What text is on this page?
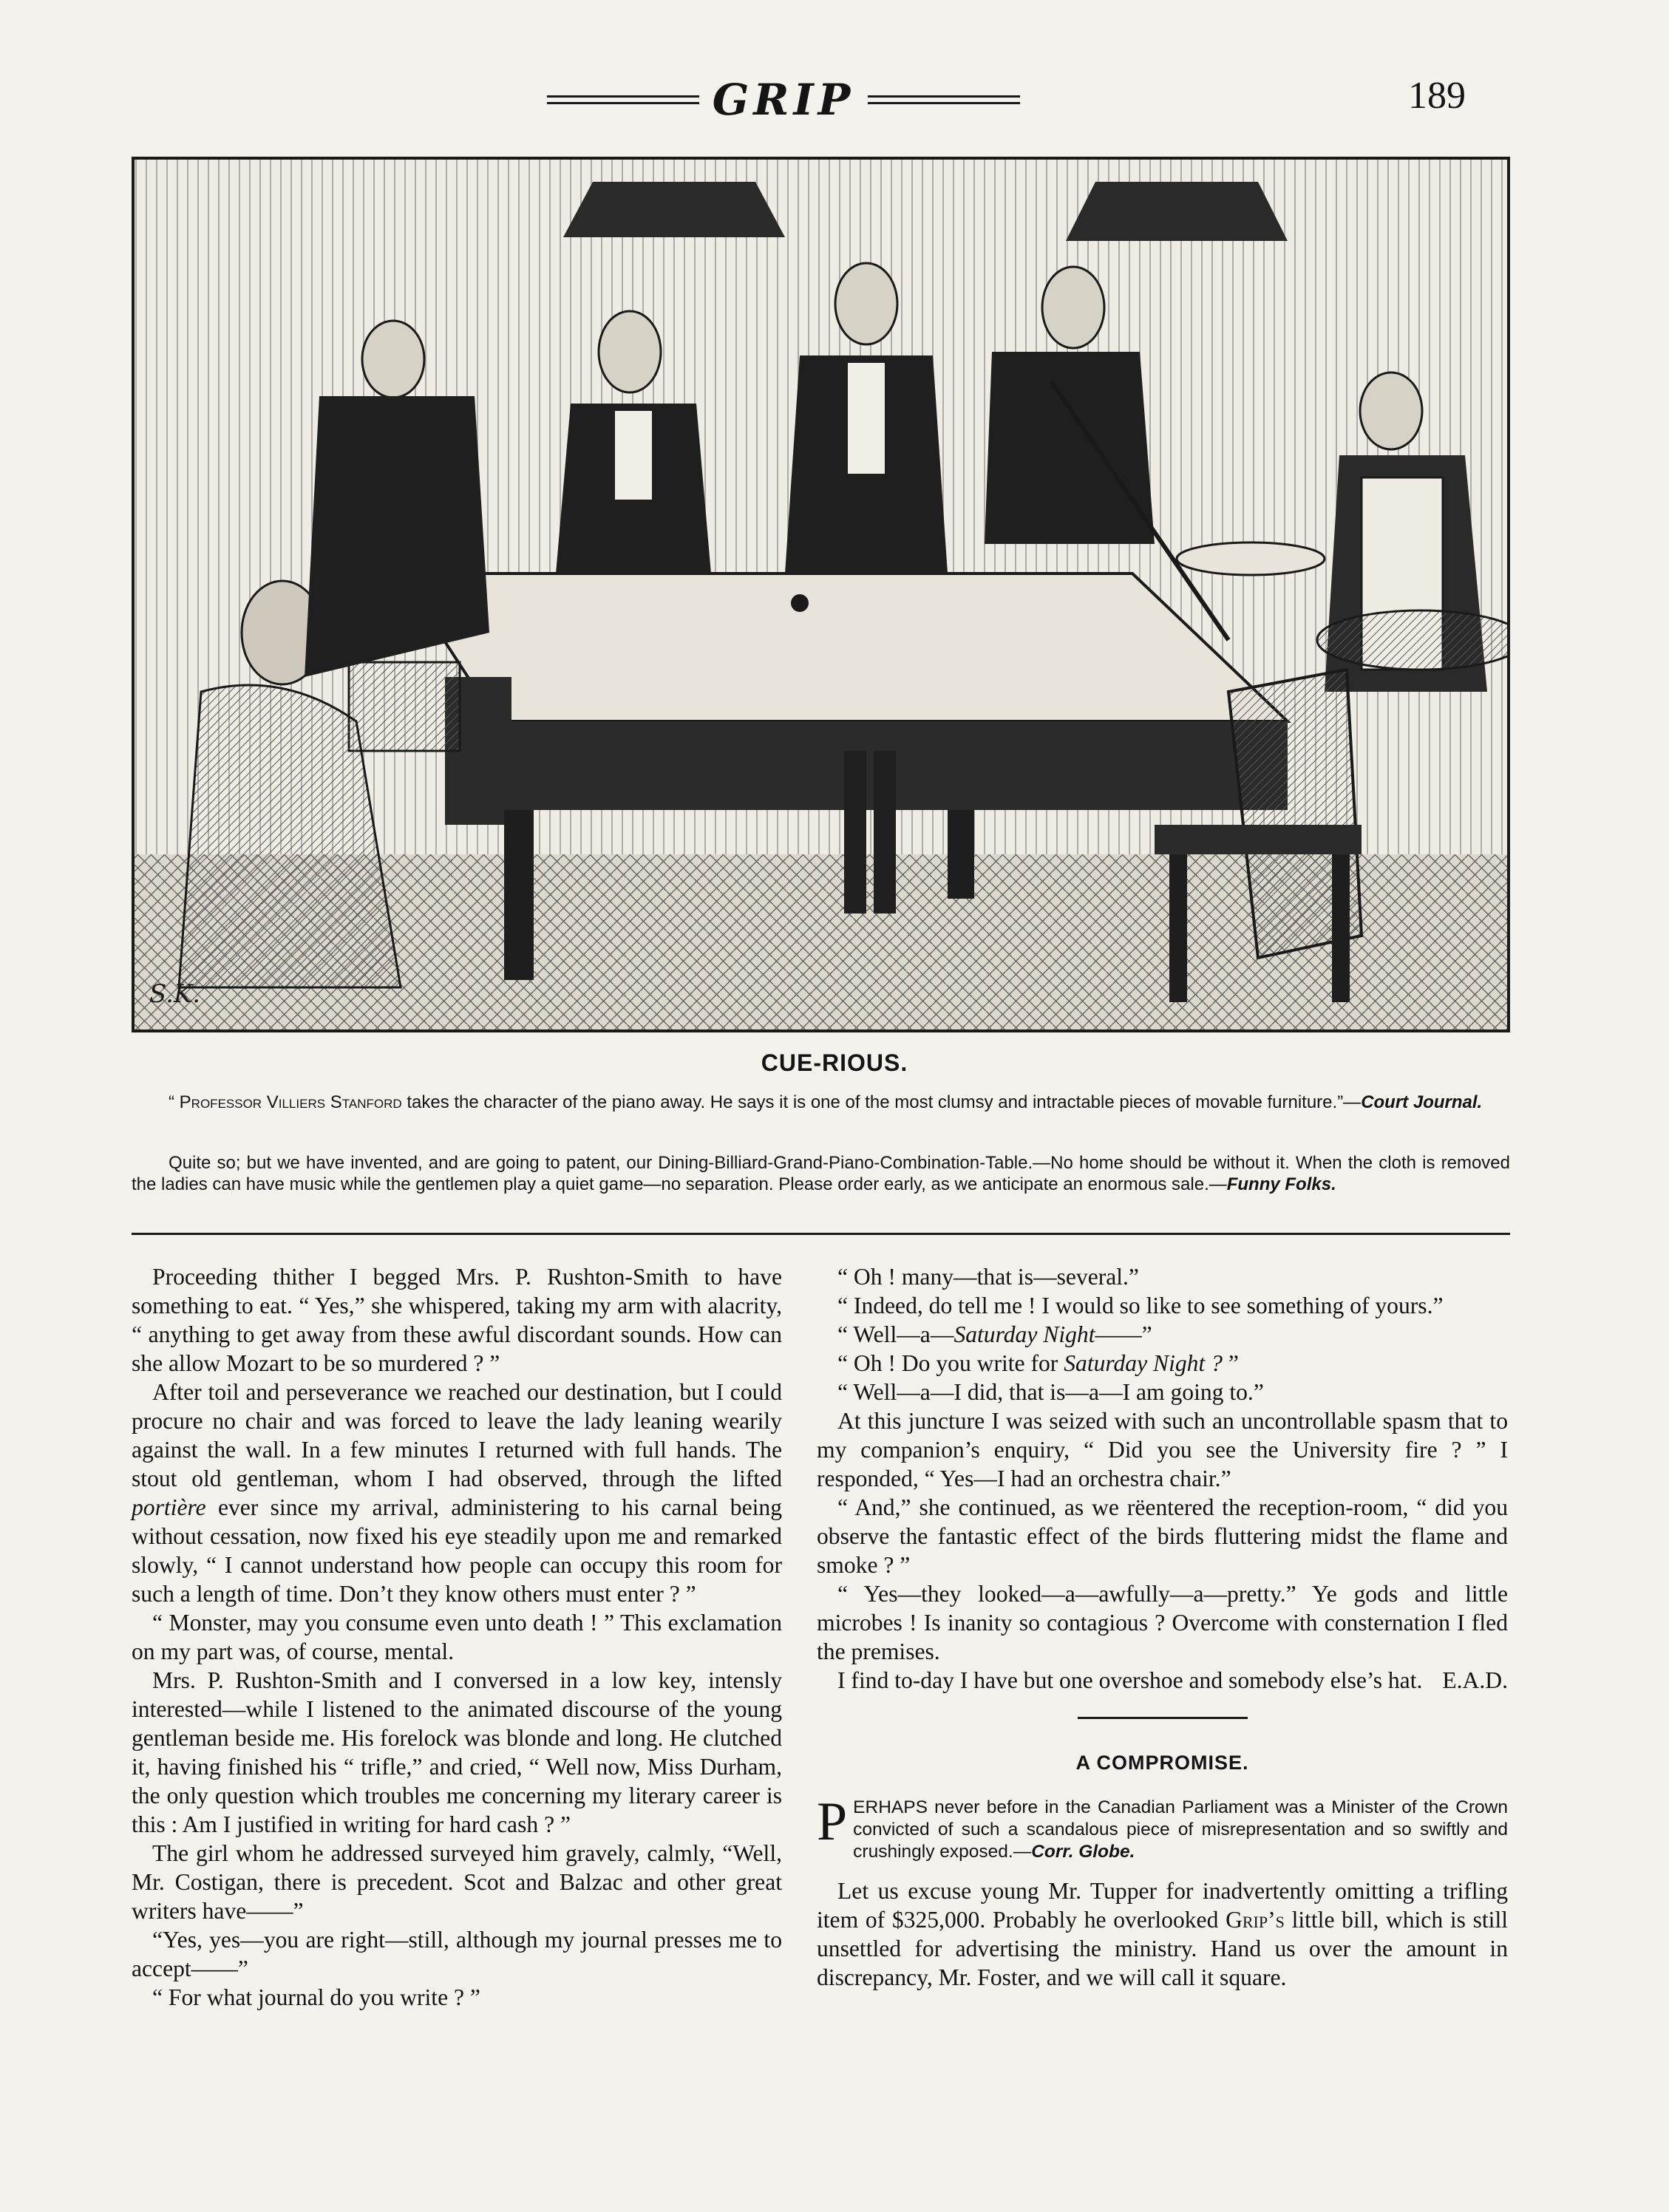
GRIP	189
S.K.
CUE-RIOUS.
“ Professor Villiers Stanford takes the character of the piano away. He says it is one of the most clumsy and intractable pieces of movable furniture.”—Court Journal.
Quite so; but we have invented, and are going to patent, our Dining-Billiard-Grand-Piano-Combination-Table.—No home should be without it. When the cloth is removed the ladies can have music while the gentlemen play a quiet game—no separation. Please order early, as we anticipate an enormous sale.—Funny Folks.

Proceeding thither I begged Mrs. P. Rushton-Smith to have something to eat. “ Yes,” she whispered, taking my arm with alacrity, “ anything to get away from these awful discordant sounds. How can she allow Mozart to be so murdered ? ”

After toil and perseverance we reached our destination, but I could procure no chair and was forced to leave the lady leaning wearily against the wall. In a few minutes I returned with full hands. The stout old gentleman, whom I had observed, through the lifted portière ever since my arrival, administering to his carnal being without cessation, now fixed his eye steadily upon me and remarked slowly, “ I cannot understand how people can occupy this room for such a length of time. Don’t they know others must enter ? ”

“ Monster, may you consume even unto death ! ” This exclamation on my part was, of course, mental.

Mrs. P. Rushton-Smith and I conversed in a low key, intensly interested—while I listened to the animated discourse of the young gentleman beside me. His forelock was blonde and long. He clutched it, having finished his “ trifle,” and cried, “ Well now, Miss Durham, the only question which troubles me concerning my literary career is this : Am I justified in writing for hard cash ? ”

The girl whom he addressed surveyed him gravely, calmly, “Well, Mr. Costigan, there is precedent. Scot and Balzac and other great writers have——”

“Yes, yes—you are right—still, although my journal presses me to accept——”

“ For what journal do you write ? ”

“ Oh ! many—that is—several.”

“ Indeed, do tell me ! I would so like to see something of yours.”

“ Well—a—Saturday Night——”

“ Oh ! Do you write for Saturday Night ? ”

“ Well—a—I did, that is—a—I am going to.”

At this juncture I was seized with such an uncontrollable spasm that to my companion’s enquiry, “ Did you see the University fire ? ” I responded, “ Yes—I had an orchestra chair.”

“ And,” she continued, as we rëentered the reception-room, “ did you observe the fantastic effect of the birds fluttering midst the flame and smoke ? ”

“ Yes—they looked—a—awfully—a—pretty.” Ye gods and little microbes ! Is inanity so contagious ? Overcome with consternation I fled the premises.

I find to-day I have but one overshoe and somebody else’s hat. E.A.D.
A COMPROMISE.
PERHAPS never before in the Canadian Parliament was a Minister of the Crown convicted of such a scandalous piece of misrepresentation and so swiftly and crushingly exposed.—Corr. Globe.

Let us excuse young Mr. Tupper for inadvertently omitting a trifling item of $325,000. Probably he overlooked Grip’s little bill, which is still unsettled for advertising the ministry. Hand us over the amount in discrepancy, Mr. Foster, and we will call it square.
